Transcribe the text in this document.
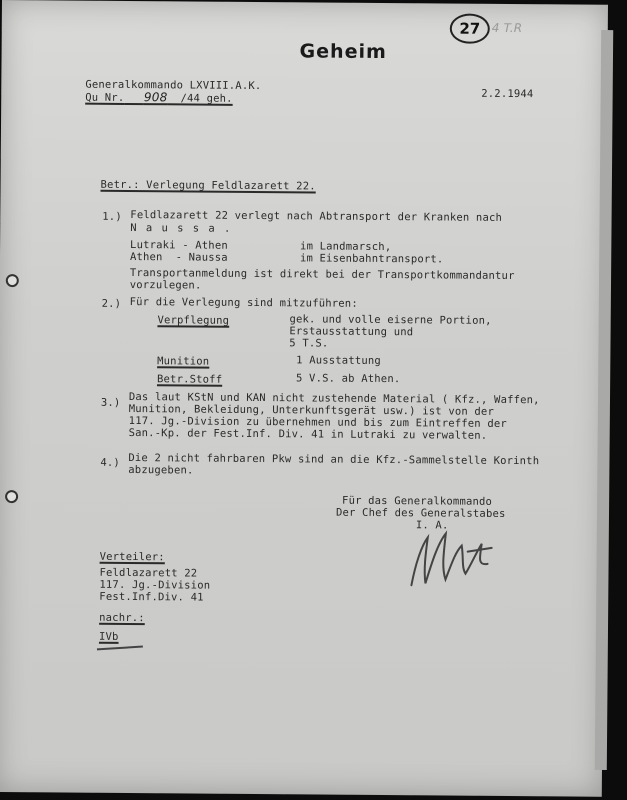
27 4 T.R
Geheim
Generalkommando LXVIII.A.K.
Qu Nr. 908 /44 geh.	2.2.1944
Betr.: Verlegung Feldlazarett 22.
1.) Feldlazarett 22 verlegt nach Abtransport der Kranken nach
N a u s s a .
Lutraki - Athen	im Landmarsch,
Athen  - Naussa	im Eisenbahntransport.
Transportanmeldung ist direkt bei der Transportkommandantur
vorzulegen.
2.) Für die Verlegung sind mitzuführen:
Verpflegung	gek. und volle eiserne Portion,
Erstausstattung und
5 T.S.
Munition	1 Ausstattung
Betr.Stoff	5 V.S. ab Athen.
3.) Das laut KStN und KAN nicht zustehende Material ( Kfz., Waffen,
Munition, Bekleidung, Unterkunftsgerät usw.) ist von der
117. Jg.-Division zu übernehmen und bis zum Eintreffen der
San.-Kp. der Fest.Inf. Div. 41 in Lutraki zu verwalten.
4.) Die 2 nicht fahrbaren Pkw sind an die Kfz.-Sammelstelle Korinth
abzugeben.
Für das Generalkommando
Der Chef des Generalstabes
I. A.
Verteiler:
Feldlazarett 22
117. Jg.-Division
Fest.Inf.Div. 41
nachr.:
IVb
